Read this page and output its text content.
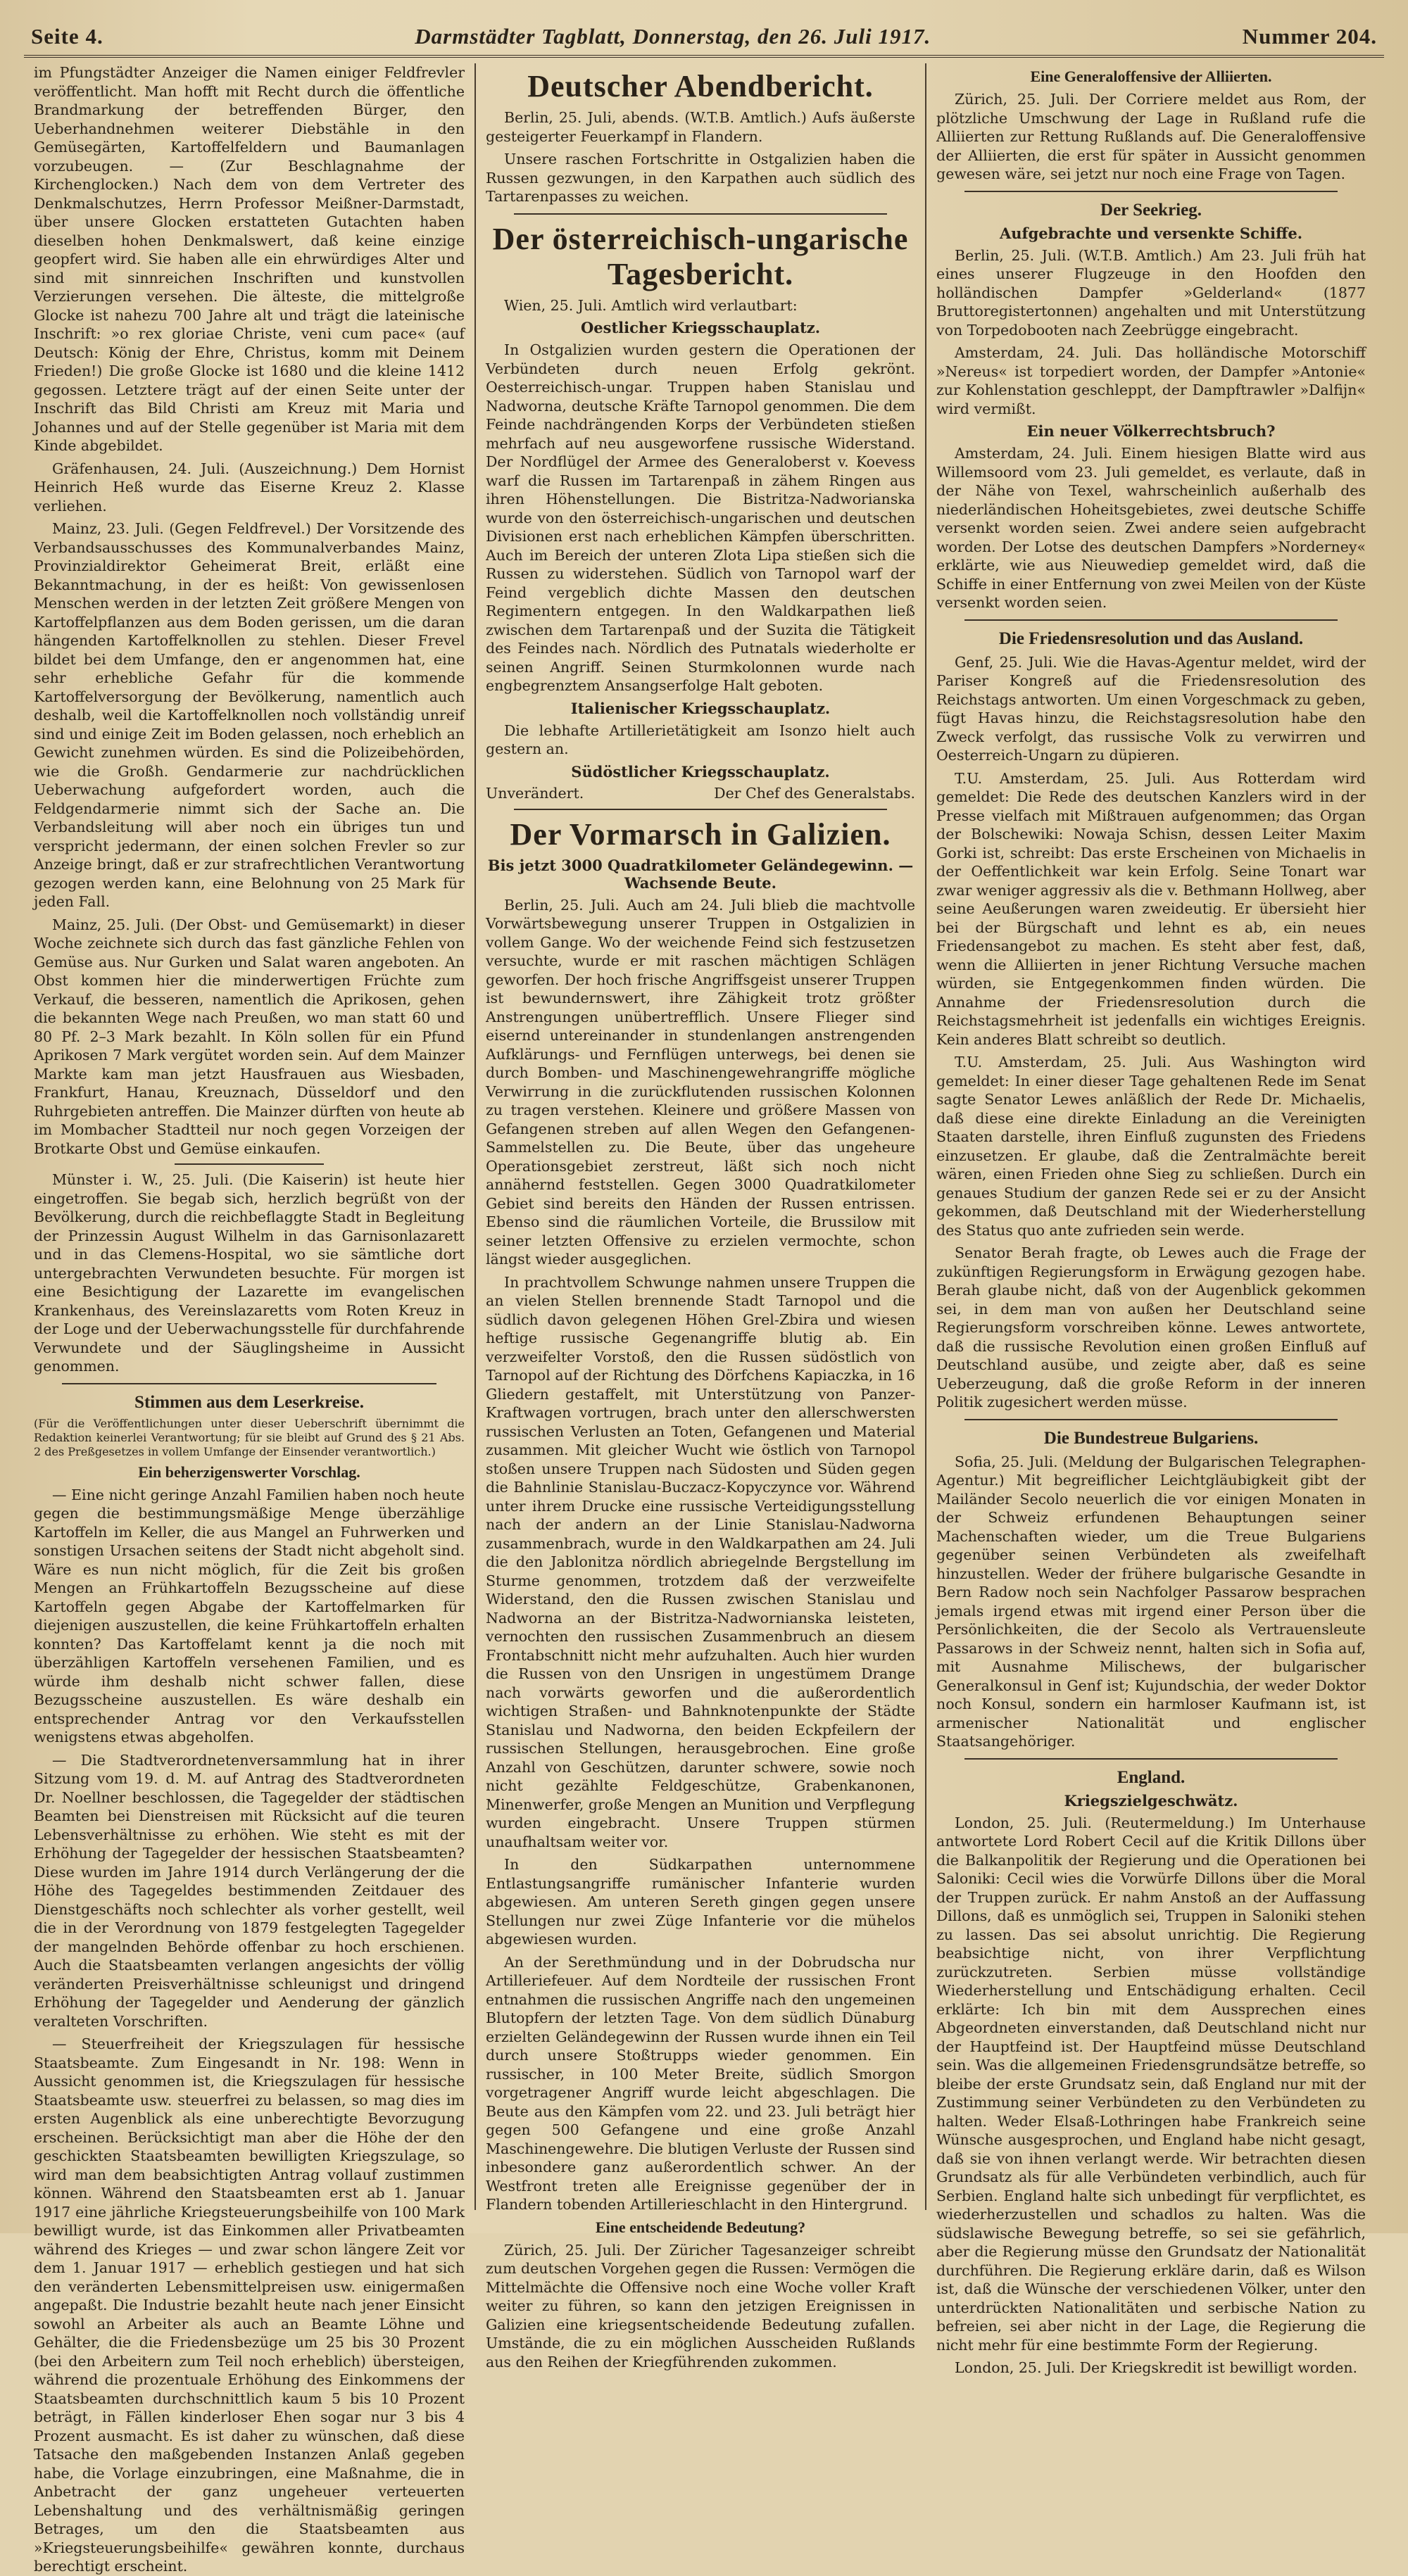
Seite 4.	Darmstädter Tagblatt, Donnerstag, den 26. Juli 1917.	Nummer 204.

im Pfungstädter Anzeiger die Namen einiger Feldfrevler veröffentlicht. Man hofft mit Recht durch die öffentliche Brandmarkung der betreffenden Bürger, den Ueberhandnehmen weiterer Diebstähle in den Gemüsegärten, Kartoffelfeldern und Baumanlagen vorzubeugen. — (Zur Beschlagnahme der Kirchenglocken.) Nach dem von dem Vertreter des Denkmalschutzes, Herrn Professor Meißner-Darmstadt, über unsere Glocken erstatteten Gutachten haben dieselben hohen Denkmalswert, daß keine einzige geopfert wird. Sie haben alle ein ehrwürdiges Alter und sind mit sinnreichen Inschriften und kunstvollen Verzierungen versehen. Die älteste, die mittelgroße Glocke ist nahezu 700 Jahre alt und trägt die lateinische Inschrift: »o rex gloriae Christe, veni cum pace« (auf Deutsch: König der Ehre, Christus, komm mit Deinem Frieden!) Die große Glocke ist 1680 und die kleine 1412 gegossen. Letztere trägt auf der einen Seite unter der Inschrift das Bild Christi am Kreuz mit Maria und Johannes und auf der Stelle gegenüber ist Maria mit dem Kinde abgebildet.

Gräfenhausen, 24. Juli. (Auszeichnung.) Dem Hornist Heinrich Heß wurde das Eiserne Kreuz 2. Klasse verliehen.

Mainz, 23. Juli. (Gegen Feldfrevel.) Der Vorsitzende des Verbandsausschusses des Kommunalverbandes Mainz, Provinzialdirektor Geheimerat Breit, erläßt eine Bekanntmachung, in der es heißt: Von gewissenlosen Menschen werden in der letzten Zeit größere Mengen von Kartoffelpflanzen aus dem Boden gerissen, um die daran hängenden Kartoffelknollen zu stehlen. Dieser Frevel bildet bei dem Umfange, den er angenommen hat, eine sehr erhebliche Gefahr für die kommende Kartoffelversorgung der Bevölkerung, namentlich auch deshalb, weil die Kartoffelknollen noch vollständig unreif sind und einige Zeit im Boden gelassen, noch erheblich an Gewicht zunehmen würden. Es sind die Polizeibehörden, wie die Großh. Gendarmerie zur nachdrücklichen Ueberwachung aufgefordert worden, auch die Feldgendarmerie nimmt sich der Sache an. Die Verbandsleitung will aber noch ein übriges tun und verspricht jedermann, der einen solchen Frevler so zur Anzeige bringt, daß er zur strafrechtlichen Verantwortung gezogen werden kann, eine Belohnung von 25 Mark für jeden Fall.

Mainz, 25. Juli. (Der Obst- und Gemüsemarkt) in dieser Woche zeichnete sich durch das fast gänzliche Fehlen von Gemüse aus. Nur Gurken und Salat waren angeboten. An Obst kommen hier die minderwertigen Früchte zum Verkauf, die besseren, namentlich die Aprikosen, gehen die bekannten Wege nach Preußen, wo man statt 60 und 80 Pf. 2–3 Mark bezahlt. In Köln sollen für ein Pfund Aprikosen 7 Mark vergütet worden sein. Auf dem Mainzer Markte kam man jetzt Hausfrauen aus Wiesbaden, Frankfurt, Hanau, Kreuznach, Düsseldorf und den Ruhrgebieten antreffen. Die Mainzer dürften von heute ab im Mombacher Stadtteil nur noch gegen Vorzeigen der Brotkarte Obst und Gemüse einkaufen.

Münster i. W., 25. Juli. (Die Kaiserin) ist heute hier eingetroffen. Sie begab sich, herzlich begrüßt von der Bevölkerung, durch die reichbeflaggte Stadt in Begleitung der Prinzessin August Wilhelm in das Garnisonlazarett und in das Clemens-Hospital, wo sie sämtliche dort untergebrachten Verwundeten besuchte. Für morgen ist eine Besichtigung der Lazarette im evangelischen Krankenhaus, des Vereinslazaretts vom Roten Kreuz in der Loge und der Ueberwachungsstelle für durchfahrende Verwundete und der Säuglingsheime in Aussicht genommen.

Stimmen aus dem Leserkreise.

(Für die Veröffentlichungen unter dieser Ueberschrift übernimmt die Redaktion keinerlei Verantwortung; für sie bleibt auf Grund des § 21 Abs. 2 des Preßgesetzes in vollem Umfange der Einsender verantwortlich.)

Ein beherzigenswerter Vorschlag.

— Eine nicht geringe Anzahl Familien haben noch heute gegen die bestimmungsmäßige Menge überzählige Kartoffeln im Keller, die aus Mangel an Fuhrwerken und sonstigen Ursachen seitens der Stadt nicht abgeholt sind. Wäre es nun nicht möglich, für die Zeit bis großen Mengen an Frühkartoffeln Bezugsscheine auf diese Kartoffeln gegen Abgabe der Kartoffelmarken für diejenigen auszustellen, die keine Frühkartoffeln erhalten konnten? Das Kartoffelamt kennt ja die noch mit überzähligen Kartoffeln versehenen Familien, und es würde ihm deshalb nicht schwer fallen, diese Bezugsscheine auszustellen. Es wäre deshalb ein entsprechender Antrag vor den Verkaufsstellen wenigstens etwas abgeholfen.

— Die Stadtverordnetenversammlung hat in ihrer Sitzung vom 19. d. M. auf Antrag des Stadtverordneten Dr. Noellner beschlossen, die Tagegelder der städtischen Beamten bei Dienstreisen mit Rücksicht auf die teuren Lebensverhältnisse zu erhöhen. Wie steht es mit der Erhöhung der Tagegelder der hessischen Staatsbeamten? Diese wurden im Jahre 1914 durch Verlängerung der die Höhe des Tagegeldes bestimmenden Zeitdauer des Dienstgeschäfts noch schlechter als vorher gestellt, weil die in der Verordnung von 1879 festgelegten Tagegelder der mangelnden Behörde offenbar zu hoch erschienen. Auch die Staatsbeamten verlangen angesichts der völlig veränderten Preisverhältnisse schleunigst und dringend Erhöhung der Tagegelder und Aenderung der gänzlich veralteten Vorschriften.

— Steuerfreiheit der Kriegszulagen für hessische Staatsbeamte. Zum Eingesandt in Nr. 198: Wenn in Aussicht genommen ist, die Kriegszulagen für hessische Staatsbeamte usw. steuerfrei zu belassen, so mag dies im ersten Augenblick als eine unberechtigte Bevorzugung erscheinen. Berücksichtigt man aber die Höhe der den geschickten Staatsbeamten bewilligten Kriegszulage, so wird man dem beabsichtigten Antrag vollauf zustimmen können. Während den Staatsbeamten erst ab 1. Januar 1917 eine jährliche Kriegsteuerungsbeihilfe von 100 Mark bewilligt wurde, ist das Einkommen aller Privatbeamten während des Krieges — und zwar schon längere Zeit vor dem 1. Januar 1917 — erheblich gestiegen und hat sich den veränderten Lebensmittelpreisen usw. einigermaßen angepaßt. Die Industrie bezahlt heute nach jener Einsicht sowohl an Arbeiter als auch an Beamte Löhne und Gehälter, die die Friedensbezüge um 25 bis 30 Prozent (bei den Arbeitern zum Teil noch erheblich) übersteigen, während die prozentuale Erhöhung des Einkommens der Staatsbeamten durchschnittlich kaum 5 bis 10 Prozent beträgt, in Fällen kinderloser Ehen sogar nur 3 bis 4 Prozent ausmacht. Es ist daher zu wünschen, daß diese Tatsache den maßgebenden Instanzen Anlaß gegeben habe, die Vorlage einzubringen, eine Maßnahme, die in Anbetracht der ganz ungeheuer verteuerten Lebenshaltung und des verhältnismäßig geringen Betrages, um den die Staatsbeamten aus »Kriegsteuerungsbeihilfe« gewähren konnte, durchaus berechtigt erscheint.

Deutscher Abendbericht.

Berlin, 25. Juli, abends. (W.T.B. Amtlich.) Aufs äußerste gesteigerter Feuerkampf in Flandern.

Unsere raschen Fortschritte in Ostgalizien haben die Russen gezwungen, in den Karpathen auch südlich des Tartarenpasses zu weichen.

Der österreichisch-ungarische Tagesbericht.

Wien, 25. Juli. Amtlich wird verlautbart:

Oestlicher Kriegsschauplatz.

In Ostgalizien wurden gestern die Operationen der Verbündeten durch neuen Erfolg gekrönt. Oesterreichisch-ungar. Truppen haben Stanislau und Nadworna, deutsche Kräfte Tarnopol genommen. Die dem Feinde nachdrängenden Korps der Verbündeten stießen mehrfach auf neu ausgeworfene russische Widerstand. Der Nordflügel der Armee des Generaloberst v. Koevess warf die Russen im Tartarenpaß in zähem Ringen aus ihren Höhenstellungen. Die Bistritza-Nadworianska wurde von den österreichisch-ungarischen und deutschen Divisionen erst nach erheblichen Kämpfen überschritten. Auch im Bereich der unteren Zlota Lipa stießen sich die Russen zu widerstehen. Südlich von Tarnopol warf der Feind vergeblich dichte Massen den deutschen Regimentern entgegen. In den Waldkarpathen ließ zwischen dem Tartarenpaß und der Suzita die Tätigkeit des Feindes nach. Nördlich des Putnatals wiederholte er seinen Angriff. Seinen Sturmkolonnen wurde nach engbegrenztem Ansangserfolge Halt geboten.

Italienischer Kriegsschauplatz.

Die lebhafte Artillerietätigkeit am Isonzo hielt auch gestern an.

Südöstlicher Kriegsschauplatz.
Unverändert.	Der Chef des Generalstabs.
Der Vormarsch in Galizien.
Bis jetzt 3000 Quadratkilometer Geländegewinn. — Wachsende Beute.

Berlin, 25. Juli. Auch am 24. Juli blieb die machtvolle Vorwärtsbewegung unserer Truppen in Ostgalizien in vollem Gange. Wo der weichende Feind sich festzusetzen versuchte, wurde er mit raschen mächtigen Schlägen geworfen. Der hoch frische Angriffsgeist unserer Truppen ist bewundernswert, ihre Zähigkeit trotz größter Anstrengungen unübertrefflich. Unsere Flieger sind eisernd untereinander in stundenlangen anstrengenden Aufklärungs- und Fernflügen unterwegs, bei denen sie durch Bomben- und Maschinengewehrangriffe mögliche Verwirrung in die zurückflutenden russischen Kolonnen zu tragen verstehen. Kleinere und größere Massen von Gefangenen streben auf allen Wegen den Gefangenen-Sammelstellen zu. Die Beute, über das ungeheure Operationsgebiet zerstreut, läßt sich noch nicht annähernd feststellen. Gegen 3000 Quadratkilometer Gebiet sind bereits den Händen der Russen entrissen. Ebenso sind die räumlichen Vorteile, die Brussilow mit seiner letzten Offensive zu erzielen vermochte, schon längst wieder ausgeglichen.

In prachtvollem Schwunge nahmen unsere Truppen die an vielen Stellen brennende Stadt Tarnopol und die südlich davon gelegenen Höhen Grel-Zbira und wiesen heftige russische Gegenangriffe blutig ab. Ein verzweifelter Vorstoß, den die Russen südöstlich von Tarnopol auf der Richtung des Dörfchens Kapiaczka, in 16 Gliedern gestaffelt, mit Unterstützung von Panzer-Kraftwagen vortrugen, brach unter den allerschwersten russischen Verlusten an Toten, Gefangenen und Material zusammen. Mit gleicher Wucht wie östlich von Tarnopol stoßen unsere Truppen nach Südosten und Süden gegen die Bahnlinie Stanislau-Buczacz-Kopyczynce vor. Während unter ihrem Drucke eine russische Verteidigungsstellung nach der andern an der Linie Stanislau-Nadworna zusammenbrach, wurde in den Waldkarpathen am 24. Juli die den Jablonitza nördlich abriegelnde Bergstellung im Sturme genommen, trotzdem daß der verzweifelte Widerstand, den die Russen zwischen Stanislau und Nadworna an der Bistritza-Nadwornianska leisteten, vernochten den russischen Zusammenbruch an diesem Frontabschnitt nicht mehr aufzuhalten. Auch hier wurden die Russen von den Unsrigen in ungestümem Drange nach vorwärts geworfen und die außerordentlich wichtigen Straßen- und Bahnknotenpunkte der Städte Stanislau und Nadworna, den beiden Eckpfeilern der russischen Stellungen, herausgebrochen. Eine große Anzahl von Geschützen, darunter schwere, sowie noch nicht gezählte Feldgeschütze, Grabenkanonen, Minenwerfer, große Mengen an Munition und Verpflegung wurden eingebracht. Unsere Truppen stürmen unaufhaltsam weiter vor.

In den Südkarpathen unternommene Entlastungsangriffe rumänischer Infanterie wurden abgewiesen. Am unteren Sereth gingen gegen unsere Stellungen nur zwei Züge Infanterie vor die mühelos abgewiesen wurden.

An der Serethmündung und in der Dobrudscha nur Artilleriefeuer. Auf dem Nordteile der russischen Front entnahmen die russischen Angriffe nach den ungemeinen Blutopfern der letzten Tage. Von dem südlich Dünaburg erzielten Geländegewinn der Russen wurde ihnen ein Teil durch unsere Stoßtrupps wieder genommen. Ein russischer, in 100 Meter Breite, südlich Smorgon vorgetragener Angriff wurde leicht abgeschlagen. Die Beute aus den Kämpfen vom 22. und 23. Juli beträgt hier gegen 500 Gefangene und eine große Anzahl Maschinengewehre. Die blutigen Verluste der Russen sind inbesondere ganz außerordentlich schwer. An der Westfront treten alle Ereignisse gegenüber der in Flandern tobenden Artillerieschlacht in den Hintergrund.

Eine entscheidende Bedeutung?

Zürich, 25. Juli. Der Züricher Tagesanzeiger schreibt zum deutschen Vorgehen gegen die Russen: Vermögen die Mittelmächte die Offensive noch eine Woche voller Kraft weiter zu führen, so kann den jetzigen Ereignissen in Galizien eine kriegsentscheidende Bedeutung zufallen. Umstände, die zu ein möglichen Ausscheiden Rußlands aus den Reihen der Kriegführenden zukommen.

Eine Generaloffensive der Alliierten.

Zürich, 25. Juli. Der Corriere meldet aus Rom, der plötzliche Umschwung der Lage in Rußland rufe die Alliierten zur Rettung Rußlands auf. Die Generaloffensive der Alliierten, die erst für später in Aussicht genommen gewesen wäre, sei jetzt nur noch eine Frage von Tagen.

Der Seekrieg.
Aufgebrachte und versenkte Schiffe.

Berlin, 25. Juli. (W.T.B. Amtlich.) Am 23. Juli früh hat eines unserer Flugzeuge in den Hoofden den holländischen Dampfer »Gelderland« (1877 Bruttoregistertonnen) angehalten und mit Unterstützung von Torpedobooten nach Zeebrügge eingebracht.

Amsterdam, 24. Juli. Das holländische Motorschiff »Nereus« ist torpediert worden, der Dampfer »Antonie« zur Kohlenstation geschleppt, der Dampftrawler »Dalfijn« wird vermißt.

Ein neuer Völkerrechtsbruch?

Amsterdam, 24. Juli. Einem hiesigen Blatte wird aus Willemsoord vom 23. Juli gemeldet, es verlaute, daß in der Nähe von Texel, wahrscheinlich außerhalb des niederländischen Hoheitsgebietes, zwei deutsche Schiffe versenkt worden seien. Zwei andere seien aufgebracht worden. Der Lotse des deutschen Dampfers »Norderney« erklärte, wie aus Nieuwediep gemeldet wird, daß die Schiffe in einer Entfernung von zwei Meilen von der Küste versenkt worden seien.

Die Friedensresolution und das Ausland.

Genf, 25. Juli. Wie die Havas-Agentur meldet, wird der Pariser Kongreß auf die Friedensresolution des Reichstags antworten. Um einen Vorgeschmack zu geben, fügt Havas hinzu, die Reichstagsresolution habe den Zweck verfolgt, das russische Volk zu verwirren und Oesterreich-Ungarn zu düpieren.

T.U. Amsterdam, 25. Juli. Aus Rotterdam wird gemeldet: Die Rede des deutschen Kanzlers wird in der Presse vielfach mit Mißtrauen aufgenommen; das Organ der Bolschewiki: Nowaja Schisn, dessen Leiter Maxim Gorki ist, schreibt: Das erste Erscheinen von Michaelis in der Oeffentlichkeit war kein Erfolg. Seine Tonart war zwar weniger aggressiv als die v. Bethmann Hollweg, aber seine Aeußerungen waren zweideutig. Er übersieht hier bei der Bürgschaft und lehnt es ab, ein neues Friedensangebot zu machen. Es steht aber fest, daß, wenn die Alliierten in jener Richtung Versuche machen würden, sie Entgegenkommen finden würden. Die Annahme der Friedensresolution durch die Reichstagsmehrheit ist jedenfalls ein wichtiges Ereignis. Kein anderes Blatt schreibt so deutlich.

T.U. Amsterdam, 25. Juli. Aus Washington wird gemeldet: In einer dieser Tage gehaltenen Rede im Senat sagte Senator Lewes anläßlich der Rede Dr. Michaelis, daß diese eine direkte Einladung an die Vereinigten Staaten darstelle, ihren Einfluß zugunsten des Friedens einzusetzen. Er glaube, daß die Zentralmächte bereit wären, einen Frieden ohne Sieg zu schließen. Durch ein genaues Studium der ganzen Rede sei er zu der Ansicht gekommen, daß Deutschland mit der Wiederherstellung des Status quo ante zufrieden sein werde.

Senator Berah fragte, ob Lewes auch die Frage der zukünftigen Regierungsform in Erwägung gezogen habe. Berah glaube nicht, daß von der Augenblick gekommen sei, in dem man von außen her Deutschland seine Regierungsform vorschreiben könne. Lewes antwortete, daß die russische Revolution einen großen Einfluß auf Deutschland ausübe, und zeigte aber, daß es seine Ueberzeugung, daß die große Reform in der inneren Politik zugesichert werden müsse.

Die Bundestreue Bulgariens.

Sofia, 25. Juli. (Meldung der Bulgarischen Telegraphen-Agentur.) Mit begreiflicher Leichtgläubigkeit gibt der Mailänder Secolo neuerlich die vor einigen Monaten in der Schweiz erfundenen Behauptungen seiner Machenschaften wieder, um die Treue Bulgariens gegenüber seinen Verbündeten als zweifelhaft hinzustellen. Weder der frühere bulgarische Gesandte in Bern Radow noch sein Nachfolger Passarow besprachen jemals irgend etwas mit irgend einer Person über die Persönlichkeiten, die der Secolo als Vertrauensleute Passarows in der Schweiz nennt, halten sich in Sofia auf, mit Ausnahme Milischews, der bulgarischer Generalkonsul in Genf ist; Kujundschia, der weder Doktor noch Konsul, sondern ein harmloser Kaufmann ist, ist armenischer Nationalität und englischer Staatsangehöriger.

England.
Kriegszielgeschwätz.

London, 25. Juli. (Reutermeldung.) Im Unterhause antwortete Lord Robert Cecil auf die Kritik Dillons über die Balkanpolitik der Regierung und die Operationen bei Saloniki: Cecil wies die Vorwürfe Dillons über die Moral der Truppen zurück. Er nahm Anstoß an der Auffassung Dillons, daß es unmöglich sei, Truppen in Saloniki stehen zu lassen. Das sei absolut unrichtig. Die Regierung beabsichtige nicht, von ihrer Verpflichtung zurückzutreten. Serbien müsse vollständige Wiederherstellung und Entschädigung erhalten. Cecil erklärte: Ich bin mit dem Aussprechen eines Abgeordneten einverstanden, daß Deutschland nicht nur der Hauptfeind ist. Der Hauptfeind müsse Deutschland sein. Was die allgemeinen Friedensgrundsätze betreffe, so bleibe der erste Grundsatz sein, daß England nur mit der Zustimmung seiner Verbündeten zu den Verbündeten zu halten. Weder Elsaß-Lothringen habe Frankreich seine Wünsche ausgesprochen, und England habe nicht gesagt, daß sie von ihnen verlangt werde. Wir betrachten diesen Grundsatz als für alle Verbündeten verbindlich, auch für Serbien. England halte sich unbedingt für verpflichtet, es wiederherzustellen und schadlos zu halten. Was die südslawische Bewegung betreffe, so sei sie gefährlich, aber die Regierung müsse den Grundsatz der Nationalität durchführen. Die Regierung erkläre darin, daß es Wilson ist, daß die Wünsche der verschiedenen Völker, unter den unterdrückten Nationalitäten und serbische Nation zu befreien, sei aber nicht in der Lage, die Regierung die nicht mehr für eine bestimmte Form der Regierung.

London, 25. Juli. Der Kriegskredit ist bewilligt worden.
